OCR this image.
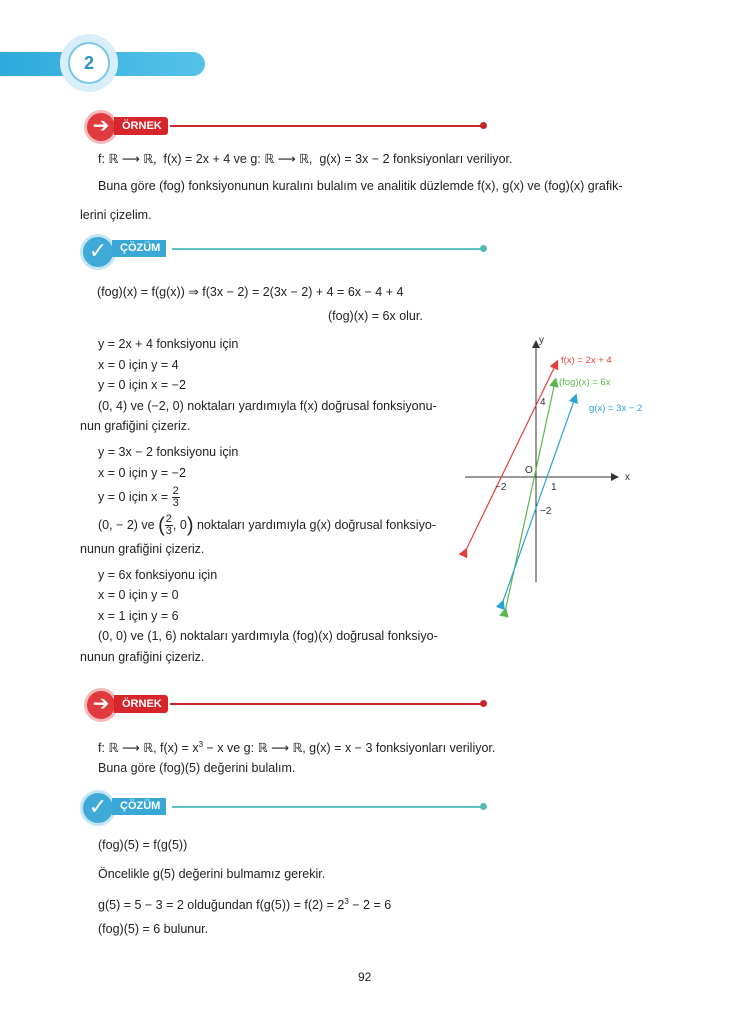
2
➔	ÖRNEK
f: ℝ ⟶ ℝ, f(x) = 2x + 4 ve g: ℝ ⟶ ℝ, g(x) = 3x − 2 fonksiyonları veriliyor.
Buna göre (fog) fonksiyonunun kuralını bulalım ve analitik düzlemde f(x), g(x) ve (fog)(x) grafik-
lerini çizelim.
✓	ÇÖZÜM
(fog)(x) = f(g(x)) ⇒ f(3x − 2) = 2(3x − 2) + 4 = 6x − 4 + 4
(fog)(x) = 6x olur.
y = 2x + 4 fonksiyonu için
x = 0 için y = 4
y = 0 için x = −2
(0, 4) ve (−2, 0) noktaları yardımıyla f(x) doğrusal fonksiyonu-
nun grafiğini çizeriz.
y = 3x − 2 fonksiyonu için
x = 0 için y = −2
y = 0 için $x = \frac{2}{3}$
(0, − 2) ve ( $\frac{2}{3}$ , 0) noktaları yardımıyla g(x) doğrusal fonksiyo-
nunun grafiğini çizeriz.
y = 6x fonksiyonu için
x = 0 için y = 0
x = 1 için y = 6
(0, 0) ve (1, 6) noktaları yardımıyla (fog)(x) doğrusal fonksiyo-
nunun grafiğini çizeriz.
y
x
O
−2	1
4
−2
f(x) = 2x + 4
(fog)(x) = 6x
g(x) = 3x − 2
➔	ÖRNEK
f: ℝ ⟶ ℝ, $f(x) = x^3 - x$ ve g: ℝ ⟶ ℝ, g(x) = x − 3 fonksiyonları veriliyor.
Buna göre (fog)(5) değerini bulalım.
✓	ÇÖZÜM
(fog)(5) = f(g(5))
Öncelikle g(5) değerini bulmamız gerekir.
g(5) = 5 − 3 = 2 olduğundan $f(g(5)) = f(2) = 2^3 - 2 = 6$
(fog)(5) = 6 bulunur.
92
